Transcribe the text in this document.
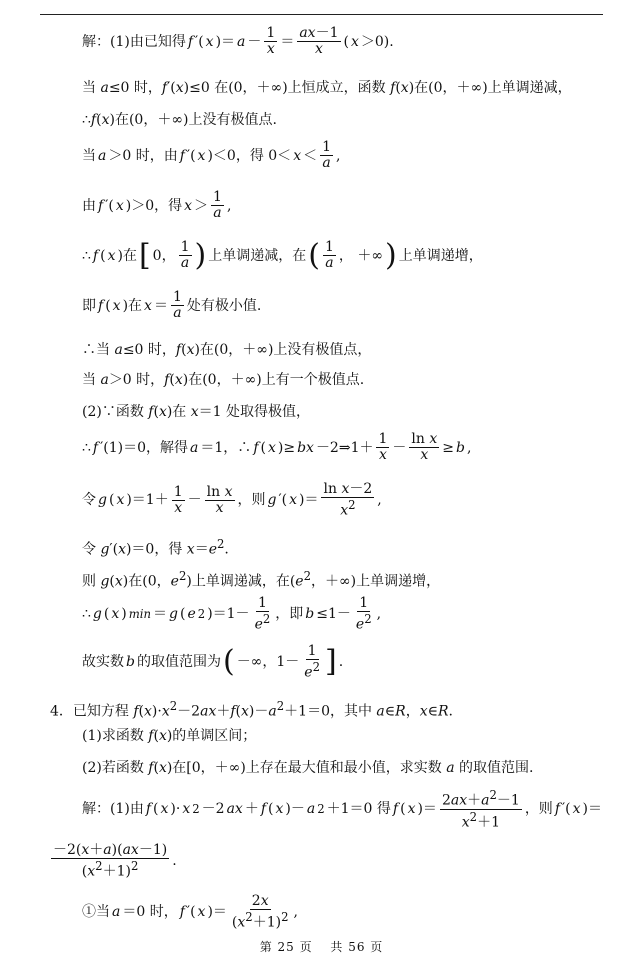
解：(1)由已知得 f ′( x )＝ $a - \frac{1}{x} = \frac{ax-1}{x}$ ( x ＞0).
当 a≤0 时，f′(x)≤0 在(0，＋∞)上恒成立，函数 f(x)在(0，＋∞)上单调递减，
∴f(x)在(0，＋∞)上没有极值点.
当 a ＞0 时，由 f ′( x )＜0，得 $0< x < \frac{1}{a}$ ,
由 f ′( x )＞0，得 $x > \frac{1}{a}$ ,
∴ f ( x )在 [ 0， $\frac{1}{a}$ ) 上单调递减，在 ( $\frac{1}{a}$ ， ＋∞ ) 上单调递增，
即 f ( x )在 $x = \frac{1}{a}$ 处有极小值.
∴当 a≤0 时，f(x)在(0，＋∞)上没有极值点，
当 a＞0 时，f(x)在(0，＋∞)上有一个极值点.
(2)∵函数 f(x)在 x＝1 处取得极值，
∴ f ′(1)＝0，解得 a ＝1，∴ f ( x )≥ bx －2⇒1＋ $\frac{1}{x} - \frac{\text{ln x}}{x} \ge b$ ,
令 g ( x )$=1+ \frac{1}{x} - \frac{\text{ln x}}{x}$ ，则 g ′( x )＝ $\frac{\text{ln x－2}}{x^2}$ ,
令 g′(x)＝0，得 $x=e^2$.
则 g(x)在(0，$e^2$)上单调递减，在($e^2$，＋∞)上单调递增，
∴ g ( x ) min ＝ g ( e 2 )$=1- \frac{1}{e^2}$ ，即 $b \le 1- \frac{1}{e^2}$ ,
故实数 b 的取值范围为 ( －∞，$1- \frac{1}{e^2}$ ] .
4．已知方程 $f(x)\cdot x^2-2ax+f(x)-a^2+1=0$，其中 a∈R，x∈R.
(1)求函数 f(x)的单调区间；
(2)若函数 f(x)在[0，＋∞)上存在最大值和最小值，求实数 a 的取值范围.
解：(1)由 f ( x )· x 2 －2 ax ＋ f ( x )－ a 2 ＋1＝0 得 f ( x )＝ $\frac{2ax+a^2-1}{x^2+1}$ ，则 f ′( x )＝
$\frac{-2(x+a)(ax-1)}{(x^2+1)^2}$ .
①当 a ＝0 时， f ′( x )＝ $\frac{2x}{(x^2+1)^2}$ ,
第 25 页　 共 56 页
